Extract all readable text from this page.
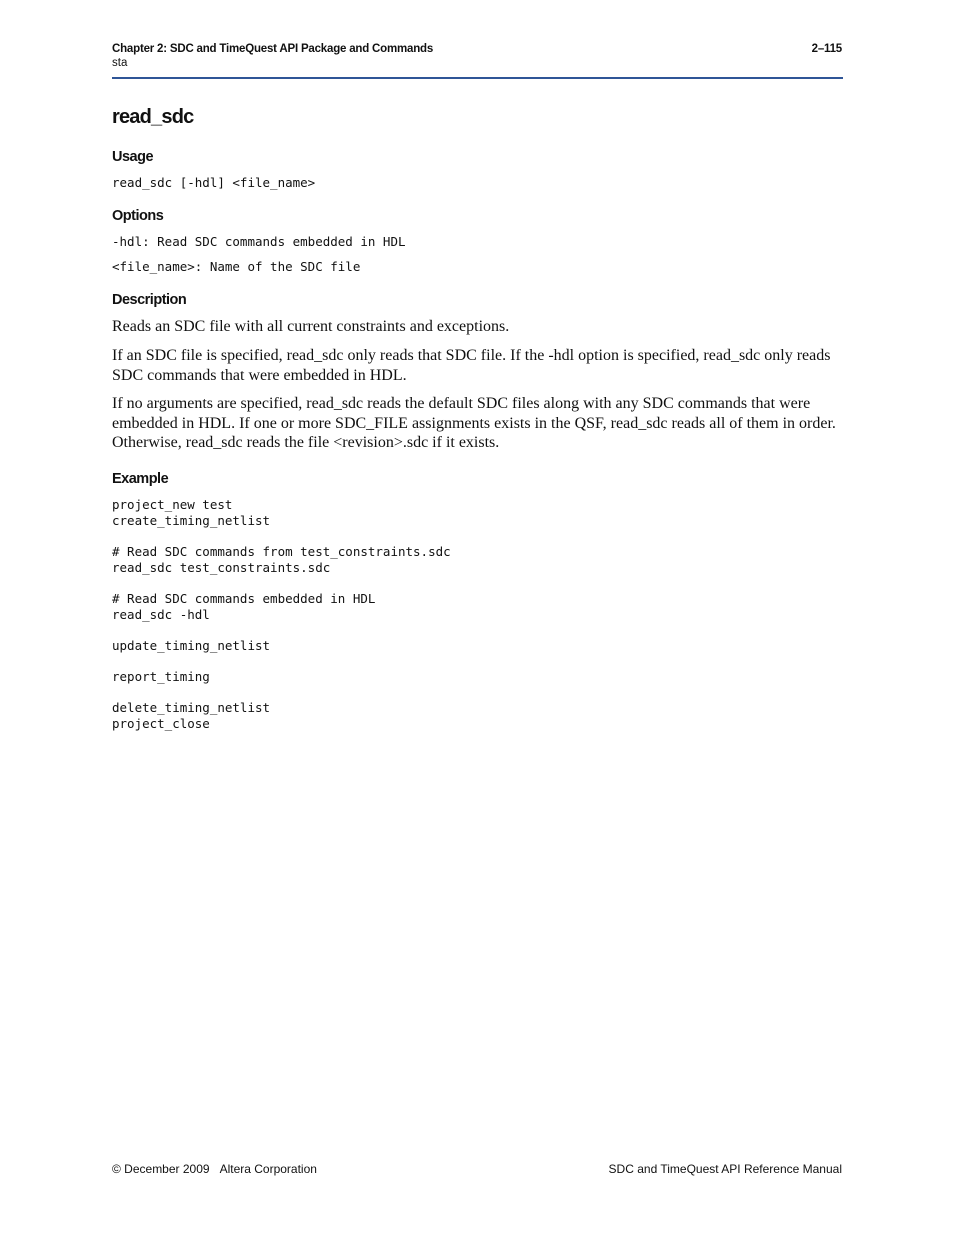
Chapter 2: SDC and TimeQuest API Package and Commands
sta
2–115
read_sdc
Usage
read_sdc [-hdl] <file_name>
Options
-hdl: Read SDC commands embedded in HDL
<file_name>: Name of the SDC file
Description

Reads an SDC file with all current constraints and exceptions.

If an SDC file is specified, read_sdc only reads that SDC file. If the -hdl option is specified, read_sdc only reads SDC commands that were embedded in HDL.

If no arguments are specified, read_sdc reads the default SDC files along with any SDC commands that were embedded in HDL. If one or more SDC_FILE assignments exists in the QSF, read_sdc reads all of them in order. Otherwise, read_sdc reads the file <revision>.sdc if it exists.

Example
project_new test
create_timing_netlist
# Read SDC commands from test_constraints.sdc
read_sdc test_constraints.sdc
# Read SDC commands embedded in HDL
read_sdc -hdl
update_timing_netlist
report_timing
delete_timing_netlist
project_close
© December 2009 Altera Corporation	SDC and TimeQuest API Reference Manual
